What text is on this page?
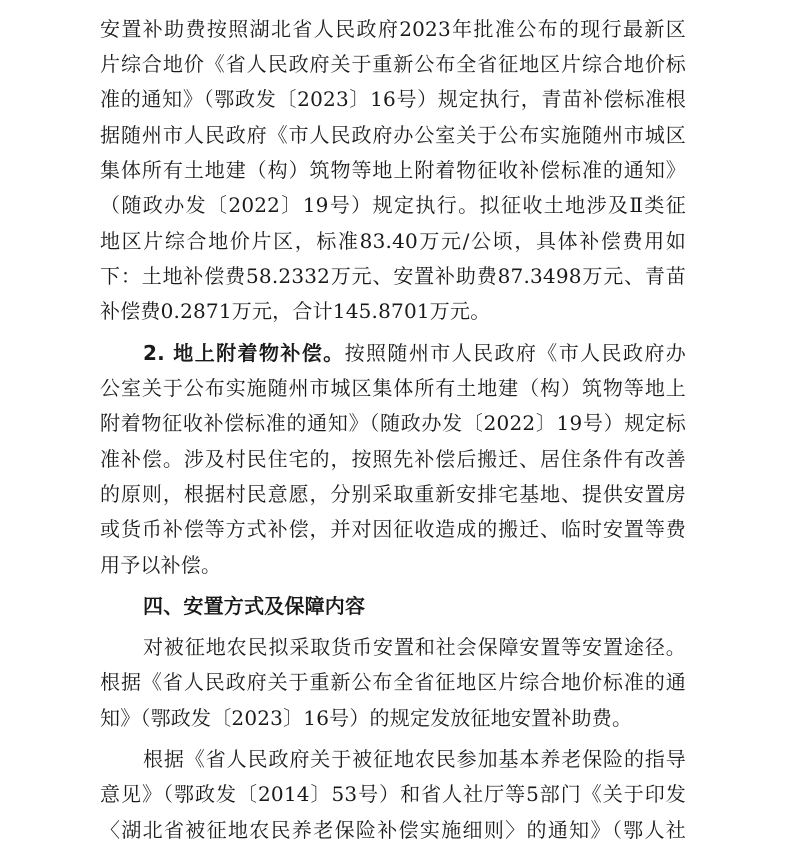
安置补助费按照湖北省人民政府2023年批准公布的现行最新区
片综合地价《省人民政府关于重新公布全省征地区片综合地价标
准的通知》（鄂政发〔2023〕16号）规定执行，青苗补偿标准根
据随州市人民政府《市人民政府办公室关于公布实施随州市城区
集体所有土地建（构）筑物等地上附着物征收补偿标准的通知》
（随政办发〔2022〕19号）规定执行。拟征收土地涉及Ⅱ类征
地区片综合地价片区，标准83.40万元/公顷，具体补偿费用如
下：土地补偿费58.2332万元、安置补助费87.3498万元、青苗
补偿费0.2871万元，合计145.8701万元。
2. 地上附着物补偿。按照随州市人民政府《市人民政府办
公室关于公布实施随州市城区集体所有土地建（构）筑物等地上
附着物征收补偿标准的通知》（随政办发〔2022〕19号）规定标
准补偿。涉及村民住宅的，按照先补偿后搬迁、居住条件有改善
的原则，根据村民意愿，分别采取重新安排宅基地、提供安置房
或货币补偿等方式补偿，并对因征收造成的搬迁、临时安置等费
用予以补偿。
四、安置方式及保障内容
对被征地农民拟采取货币安置和社会保障安置等安置途径。
根据《省人民政府关于重新公布全省征地区片综合地价标准的通
知》（鄂政发〔2023〕16号）的规定发放征地安置补助费。
根据《省人民政府关于被征地农民参加基本养老保险的指导
意见》（鄂政发〔2014〕53号）和省人社厅等5部门《关于印发
〈湖北省被征地农民养老保险补偿实施细则〉的通知》（鄂人社
